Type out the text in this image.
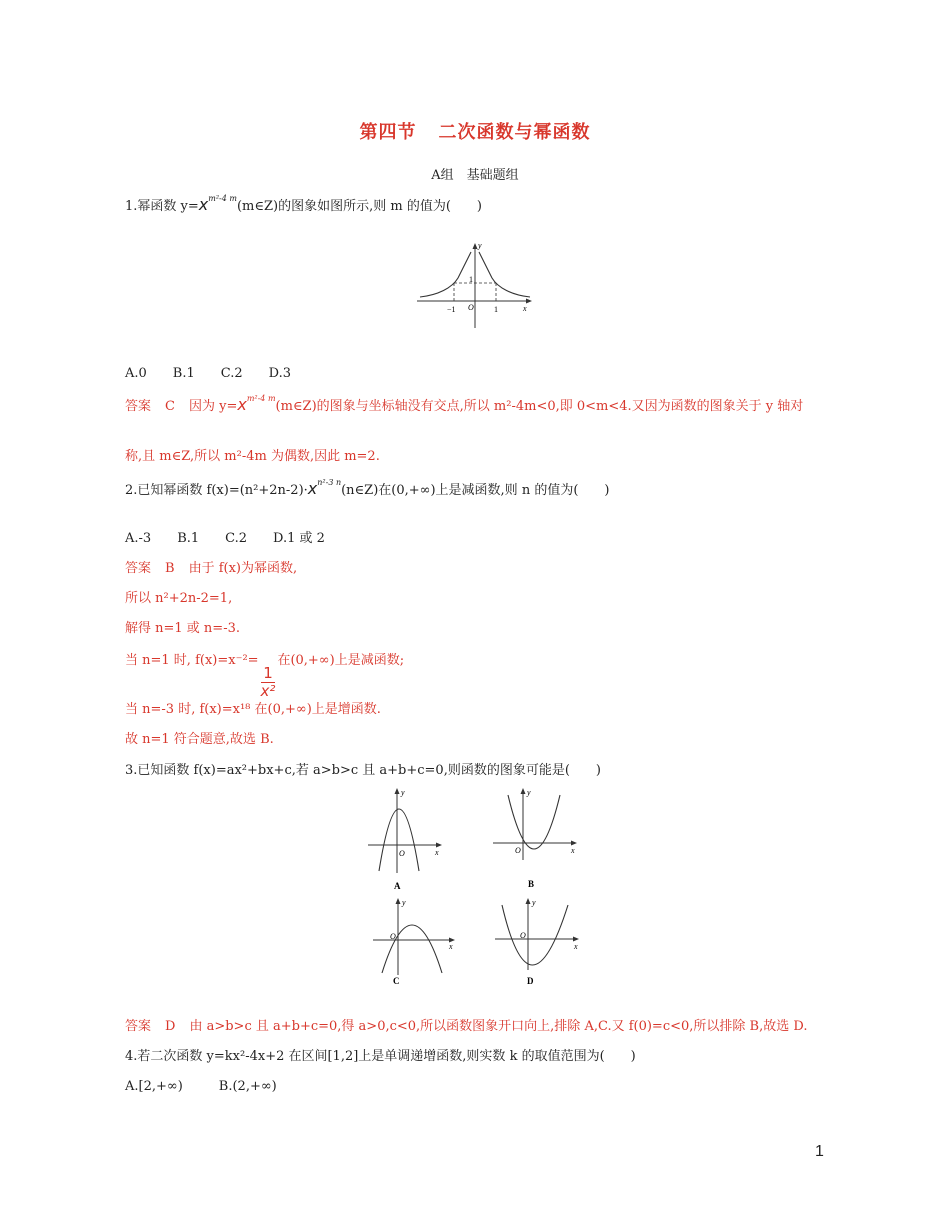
第四节 二次函数与幂函数
A组　基础题组
1.幂函数 $y=x^{m^2-4 m}(m\in Z)$的图象如图所示,则 m 的值为(　　)
y
x
O
1
−1	1
A.0 B.1 C.2 D.3
答案 C 因为 $y=x^{m^2-4 m}(m\in Z)$的图象与坐标轴没有交点,所以 m²-4m<0,即 0<m<4.又因为函数的图象关于 y 轴对
称,且 m∈Z,所以 m²-4m 为偶数,因此 m=2.
2.已知幂函数 $f(x)=(n^2+2n-2)\cdot x^{n^2-3 n}(n\in Z)$在(0,+∞)上是减函数,则 n 的值为(　　)
A.-3 B.1 C.2 D.1 或 2
答案 B 由于 f(x)为幂函数,
所以 n²+2n-2=1,
解得 n=1 或 n=-3.
当 n=1 时, f(x)=x⁻²=
$\frac{1}{\text{x²}}$
在(0,+∞)上是减函数;
当 n=-3 时, f(x)=x¹⁸ 在(0,+∞)上是增函数.
故 n=1 符合题意,故选 B.
3.已知函数 f(x)=ax²+bx+c,若 a>b>c 且 a+b+c=0,则函数的图象可能是(　　)
y
x
O
A
y
x
O
B
y
x
O
C
y
x
O
D
答案 D 由 a>b>c 且 a+b+c=0,得 a>0,c<0,所以函数图象开口向上,排除 A,C.又 f(0)=c<0,所以排除 B,故选 D.
4.若二次函数 y=kx²-4x+2 在区间[1,2]上是单调递增函数,则实数 k 的取值范围为(　　)
A.[2,+∞)	B.(2,+∞)
1
